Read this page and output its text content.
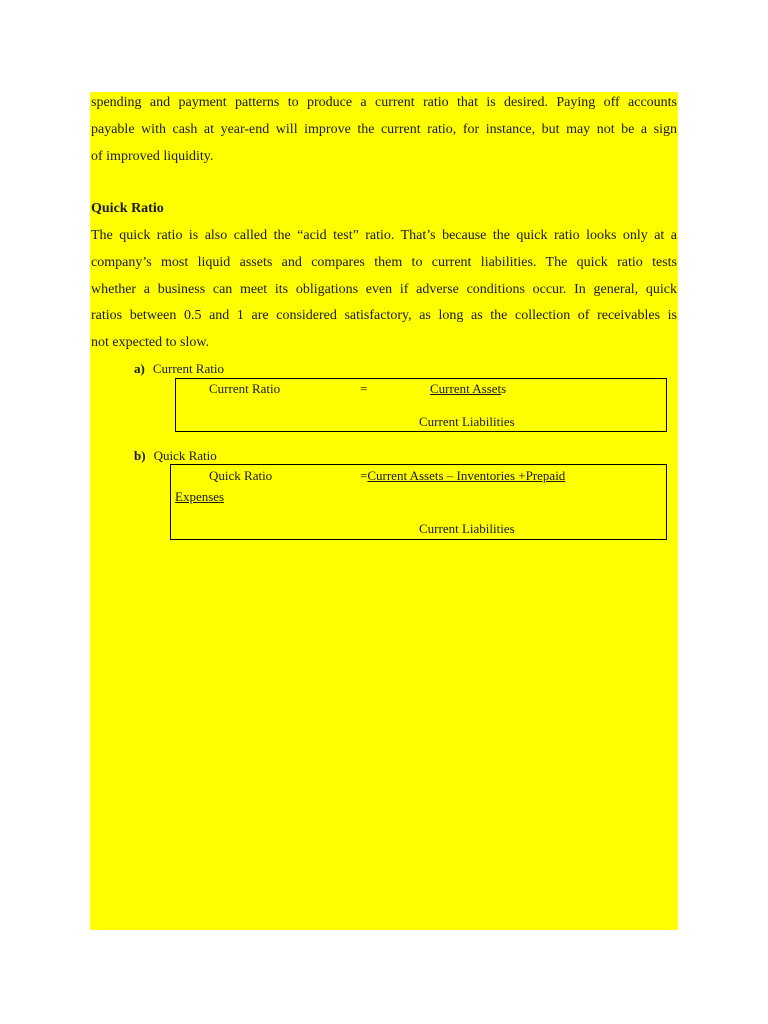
spending and payment patterns to produce a current ratio that is desired. Paying off accounts
payable with cash at year-end will improve the current ratio, for instance, but may not be a sign
of improved liquidity.
Quick Ratio
The quick ratio is also called the “acid test” ratio. That’s because the quick ratio looks only at a
company’s most liquid assets and compares them to current liabilities. The quick ratio tests
whether a business can meet its obligations even if adverse conditions occur. In general, quick
ratios between 0.5 and 1 are considered satisfactory, as long as the collection of receivables is
not expected to slow.
a) Current Ratio
Current Ratio	=	Current Assets
Current Liabilities
b) Quick Ratio
Quick Ratio	=Current Assets – Inventories +Prepaid
Expenses
Current Liabilities
